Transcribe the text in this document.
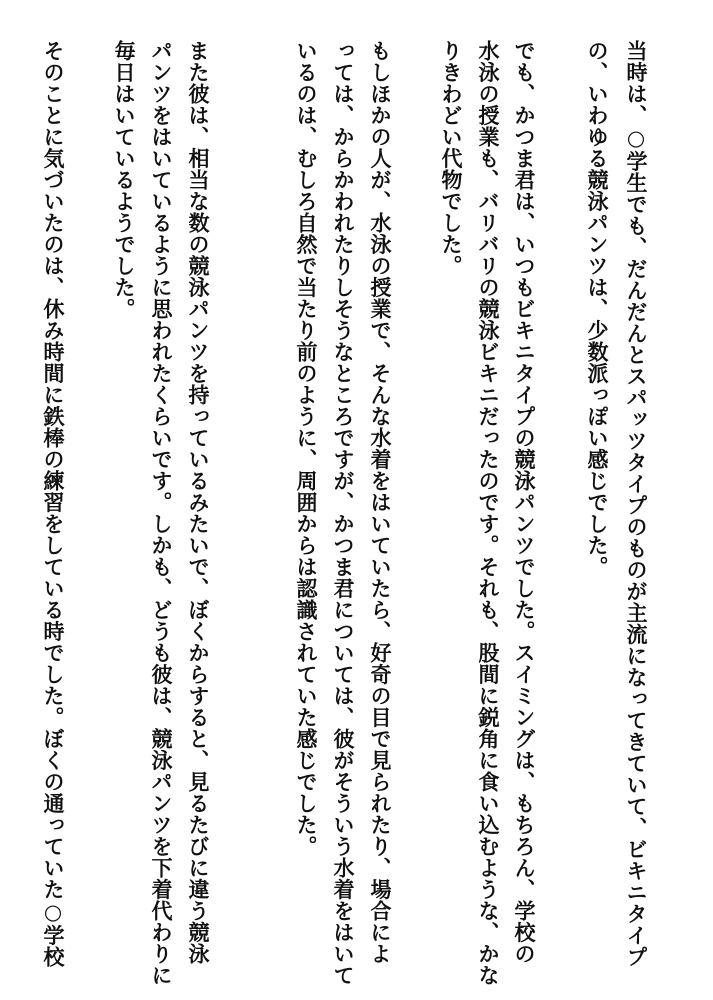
当時は、○学生でも、だんだんとスパッツタイプのものが主流になってきていて、ビキニタイプ
の、いわゆる競泳パンツは、少数派っぽい感じでした。
でも、かつま君は、いつもビキニタイプの競泳パンツでした。スイミングは、もちろん、学校の
水泳の授業も、バリバリの競泳ビキニだったのです。それも、股間に鋭角に食い込むような、かな
りきわどい代物でした。
もしほかの人が、水泳の授業で、そんな水着をはいていたら、好奇の目で見られたり、場合によ
っては、からかわれたりしそうなところですが、かつま君については、彼がそういう水着をはいて
いるのは、むしろ自然で当たり前のように、周囲からは認識されていた感じでした。
また彼は、相当な数の競泳パンツを持っているみたいで、ぼくからすると、見るたびに違う競泳
パンツをはいているように思われたくらいです。しかも、どうも彼は、競泳パンツを下着代わりに
毎日はいているようでした。
そのことに気づいたのは、休み時間に鉄棒の練習をしている時でした。ぼくの通っていた○学校
